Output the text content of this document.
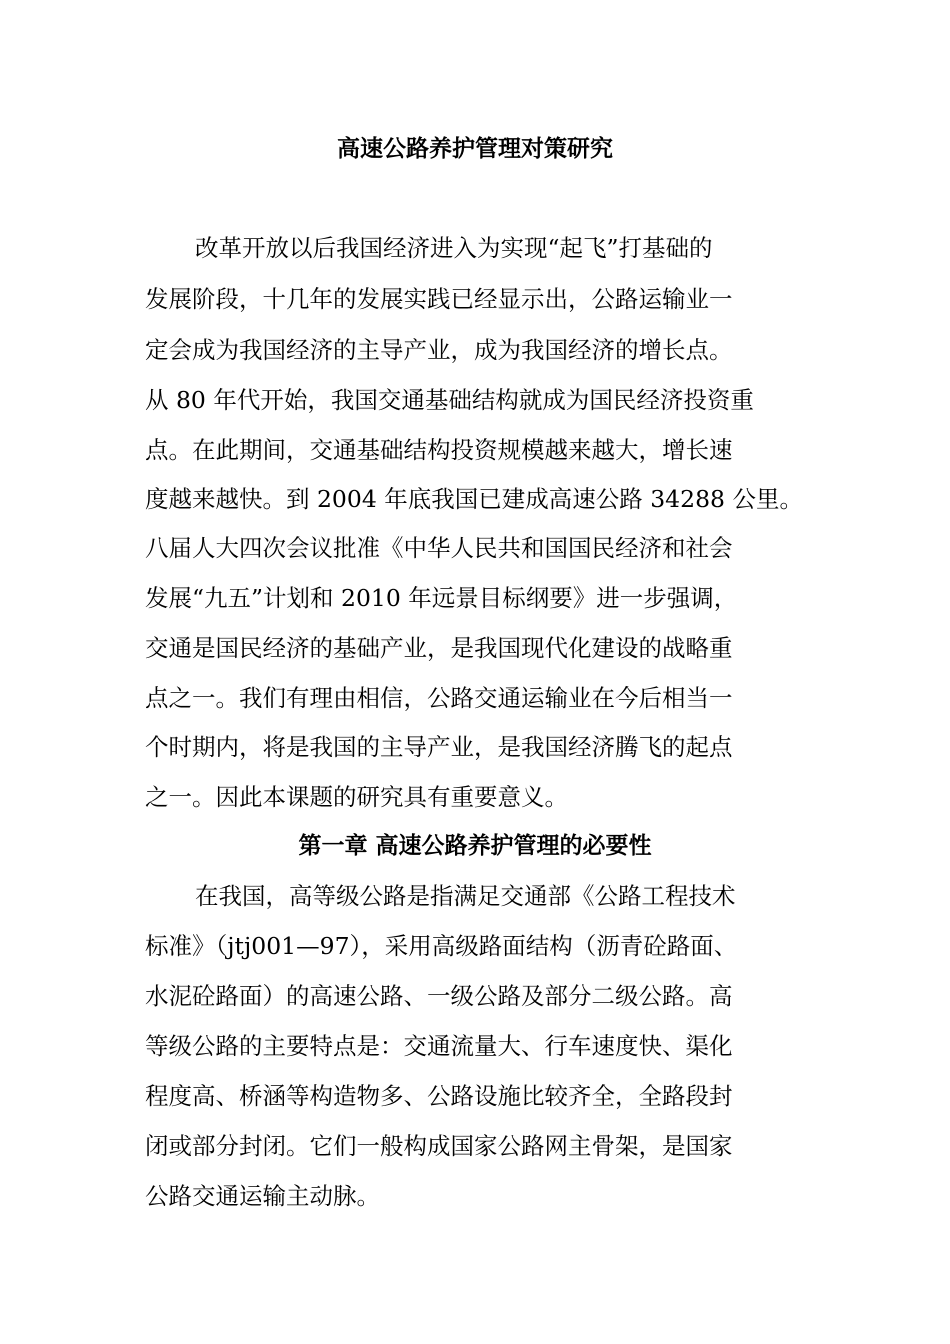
高速公路养护管理对策研究
改革开放以后我国经济进入为实现“起飞”打基础的
发展阶段，十几年的发展实践已经显示出，公路运输业一
定会成为我国经济的主导产业，成为我国经济的增长点。
从 80 年代开始，我国交通基础结构就成为国民经济投资重
点。在此期间，交通基础结构投资规模越来越大，增长速
度越来越快。到 2004 年底我国已建成高速公路 34288 公里。
八届人大四次会议批准《中华人民共和国国民经济和社会
发展“九五”计划和 2010 年远景目标纲要》进一步强调，
交通是国民经济的基础产业，是我国现代化建设的战略重
点之一。我们有理由相信，公路交通运输业在今后相当一
个时期内，将是我国的主导产业，是我国经济腾飞的起点
之一。因此本课题的研究具有重要意义。
第一章 高速公路养护管理的必要性
在我国，高等级公路是指满足交通部《公路工程技术
标准》（jtj001—97），采用高级路面结构（沥青砼路面、
水泥砼路面）的高速公路、一级公路及部分二级公路。高
等级公路的主要特点是：交通流量大、行车速度快、渠化
程度高、桥涵等构造物多、公路设施比较齐全，全路段封
闭或部分封闭。它们一般构成国家公路网主骨架，是国家
公路交通运输主动脉。
